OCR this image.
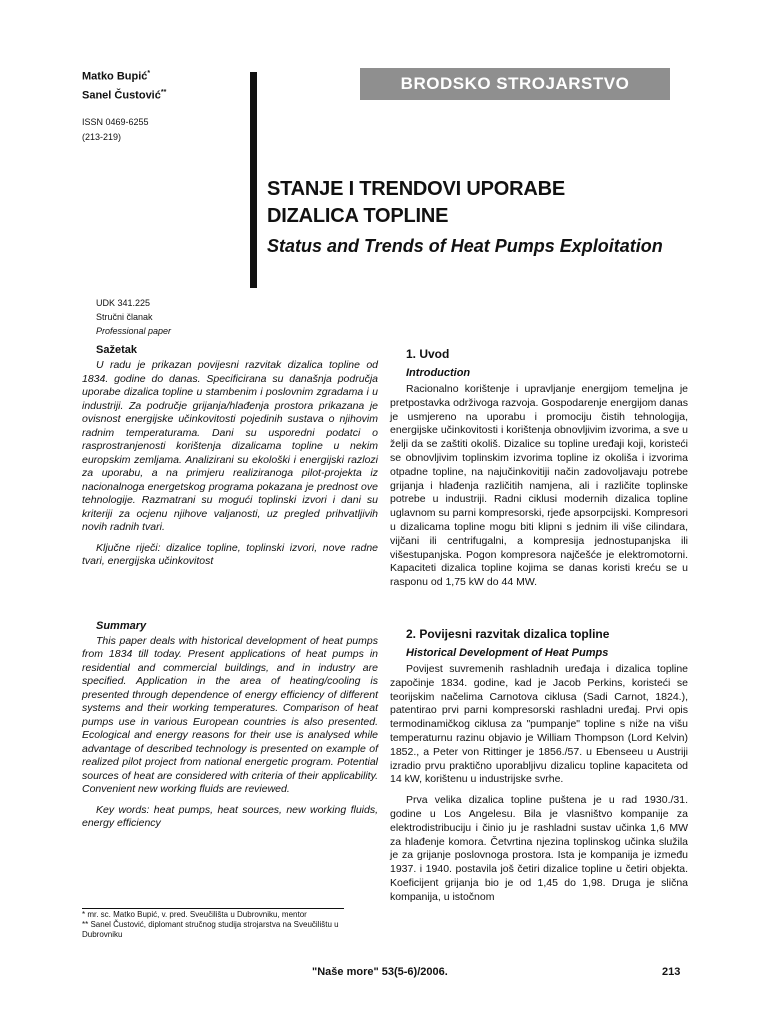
Matko Bupić*
Sanel Čustović**
ISSN 0469-6255
(213-219)
BRODSKO STROJARSTVO
STANJE I TRENDOVI UPORABE
DIZALICA TOPLINE
Status and Trends of Heat Pumps Exploitation
UDK 341.225
Stručni članak
Professional paper
Sažetak

U radu je prikazan povijesni razvitak dizalica topline od 1834. godine do danas. Specificirana su današnja područja uporabe dizalica topline u stambenim i poslovnim zgradama i u industriji. Za područje grijanja/hlađenja prostora prikazana je ovisnost energijske učinkovitosti pojedinih sustava o njihovim radnim temperaturama. Dani su usporedni podatci o rasprostranjenosti korištenja dizalicama topline u nekim europskim zemljama. Analizirani su ekološki i energijski razlozi za uporabu, a na primjeru realiziranoga pilot-projekta iz nacionalnoga energetskog programa pokazana je prednost ove tehnologije. Razmatrani su mogući toplinski izvori i dani su kriteriji za ocjenu njihove valjanosti, uz pregled prihvatljivih novih radnih tvari.

Ključne riječi: dizalice topline, toplinski izvori, nove radne tvari, energijska učinkovitost

Summary

This paper deals with historical development of heat pumps from 1834 till today. Present applications of heat pumps in residential and commercial buildings, and in industry are specified. Application in the area of heating/cooling is presented through dependence of energy efficiency of different systems and their working temperatures. Comparison of heat pumps use in various European countries is also presented. Ecological and energy reasons for their use is analysed while advantage of described technology is presented on example of realized pilot project from national energetic program. Potential sources of heat are considered with criteria of their applicability. Convenient new working fluids are reviewed.

Key words: heat pumps, heat sources, new working fluids, energy efficiency

1. Uvod
Introduction

Racionalno korištenje i upravljanje energijom temeljna je pretpostavka održivoga razvoja. Gospodarenje energijom danas je usmjereno na uporabu i promociju čistih tehnologija, energijske učinkovitosti i korištenja obnovljivim izvorima, a sve u želji da se zaštiti okoliš. Dizalice su topline uređaji koji, koristeći se obnovljivim toplinskim izvorima topline iz okoliša i izvorima otpadne topline, na najučinkovitiji način zadovoljavaju potrebe grijanja i hlađenja različitih namjena, ali i različite toplinske potrebe u industriji. Radni ciklusi modernih dizalica topline uglavnom su parni kompresorski, rjeđe apsorpcijski. Kompresori u dizalicama topline mogu biti klipni s jednim ili više cilindara, vijčani ili centrifugalni, a kompresija jednostupanjska ili višestupanjska. Pogon kompresora najčešće je elektromotorni. Kapaciteti dizalica topline kojima se danas koristi kreću se u rasponu od 1,75 kW do 44 MW.

2. Povijesni razvitak dizalica topline
Historical Development of Heat Pumps

Povijest suvremenih rashladnih uređaja i dizalica topline započinje 1834. godine, kad je Jacob Perkins, koristeći se teorijskim načelima Carnotova ciklusa (Sadi Carnot, 1824.), patentirao prvi parni kompresorski rashladni uređaj. Prvi opis termodinamičkog ciklusa za "pumpanje" topline s niže na višu temperaturnu razinu objavio je William Thompson (Lord Kelvin) 1852., a Peter von Rittinger je 1856./57. u Ebenseeu u Austriji izradio prvu praktično uporabljivu dizalicu topline kapaciteta od 14 kW, korištenu u industrijske svrhe.

Prva velika dizalica topline puštena je u rad 1930./31. godine u Los Angelesu. Bila je vlasništvo kompanije za elektrodistribuciju i činio ju je rashladni sustav učinka 1,6 MW za hlađenje komora. Četvrtina njezina toplinskog učinka služila je za grijanje poslovnoga prostora. Ista je kompanija je između 1937. i 1940. postavila još četiri dizalice topline u četiri objekta. Koeficijent grijanja bio je od 1,45 do 1,98. Druga je slična kompanija, u istočnom

* mr. sc. Matko Bupić, v. pred. Sveučilišta u Dubrovniku, mentor
** Sanel Čustović, diplomant stručnog studija strojarstva na Sveučilištu u Dubrovniku
"Naše more" 53(5-6)/2006.	213
